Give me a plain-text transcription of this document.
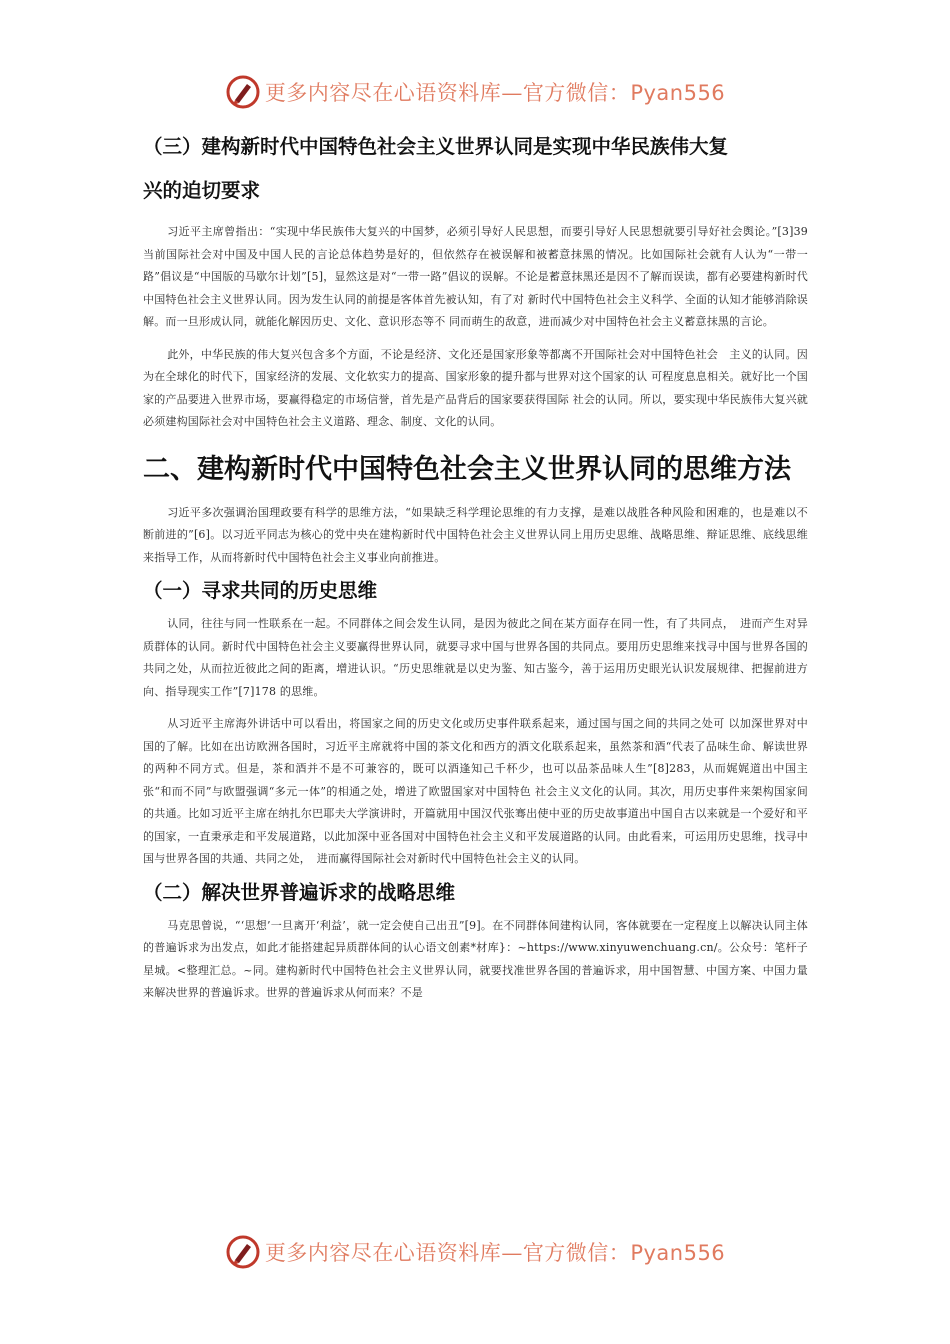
更多内容尽在心语资料库—官方微信：Pyan556
（三）建构新时代中国特色社会主义世界认同是实现中华民族伟大复
兴的迫切要求

习近平主席曾指出：“实现中华民族伟大复兴的中国梦，必须引导好人民思想，而要引导好人民思想就要引导好社会舆论。”[3]39 当前国际社会对中国及中国人民的言论总体趋势是好的，但依然存在被误解和被蓄意抹黑的情况。比如国际社会就有人认为“一带一路”倡议是“中国版的马歇尔计划”[5]，显然这是对“一带一路”倡议的误解。不论是蓄意抹黑还是因不了解而误读，都有必要建构新时代中国特色社会主义世界认同。因为发生认同的前提是客体首先被认知，有了对 新时代中国特色社会主义科学、全面的认知才能够消除误解。而一旦形成认同，就能化解因历史、文化、意识形态等不 同而萌生的敌意，进而减少对中国特色社会主义蓄意抹黑的言论。

此外，中华民族的伟大复兴包含多个方面，不论是经济、文化还是国家形象等都离不开国际社会对中国特色社会　主义的认同。因为在全球化的时代下，国家经济的发展、文化软实力的提高、国家形象的提升都与世界对这个国家的认 可程度息息相关。就好比一个国家的产品要进入世界市场，要赢得稳定的市场信誉，首先是产品背后的国家要获得国际 社会的认同。所以，要实现中华民族伟大复兴就必须建构国际社会对中国特色社会主义道路、理念、制度、文化的认同。

二、建构新时代中国特色社会主义世界认同的思维方法

习近平多次强调治国理政要有科学的思维方法，“如果缺乏科学理论思维的有力支撑，是难以战胜各种风险和困难的，也是难以不断前进的”[6]。以习近平同志为核心的党中央在建构新时代中国特色社会主义世界认同上用历史思维、战略思维、辩证思维、底线思维来指导工作，从而将新时代中国特色社会主义事业向前推进。

（一）寻求共同的历史思维

认同，往往与同一性联系在一起。不同群体之间会发生认同，是因为彼此之间在某方面存在同一性，有了共同点，　进而产生对异质群体的认同。新时代中国特色社会主义要赢得世界认同，就要寻求中国与世界各国的共同点。要用历史思维来找寻中国与世界各国的共同之处，从而拉近彼此之间的距离，增进认识。“历史思维就是以史为鉴、知古鉴今，善于运用历史眼光认识发展规律、把握前进方向、指导现实工作”[7]178 的思维。

从习近平主席海外讲话中可以看出，将国家之间的历史文化或历史事件联系起来，通过国与国之间的共同之处可 以加深世界对中国的了解。比如在出访欧洲各国时，习近平主席就将中国的茶文化和西方的酒文化联系起来，虽然茶和酒“代表了品味生命、解读世界的两种不同方式。但是，茶和酒并不是不可兼容的，既可以酒逢知己千杯少，也可以品茶品味人生”[8]283，从而娓娓道出中国主张“和而不同”与欧盟强调“多元一体”的相通之处，增进了欧盟国家对中国特色 社会主义文化的认同。其次，用历史事件来架构国家间的共通。比如习近平主席在纳扎尔巴耶夫大学演讲时，开篇就用中国汉代张骞出使中亚的历史故事道出中国自古以来就是一个爱好和平的国家，一直秉承走和平发展道路，以此加深中亚各国对中国特色社会主义和平发展道路的认同。由此看来，可运用历史思维，找寻中国与世界各国的共通、共同之处，　进而赢得国际社会对新时代中国特色社会主义的认同。

（二）解决世界普遍诉求的战略思维

马克思曾说，“‘思想’一旦离开‘利益’，就一定会使自己出丑”[9]。在不同群体间建构认同，客体就要在一定程度上以解决认同主体的普遍诉求为出发点，如此才能搭建起异质群体间的认心语文创素*材库}：~https://www.xinyuwenchuang.cn/。公众号：笔杆子星城。<整理汇总。~同。建构新时代中国特色社会主义世界认同，就要找准世界各国的普遍诉求，用中国智慧、中国方案、中国力量来解决世界的普遍诉求。世界的普遍诉求从何而来？不是

更多内容尽在心语资料库—官方微信：Pyan556
